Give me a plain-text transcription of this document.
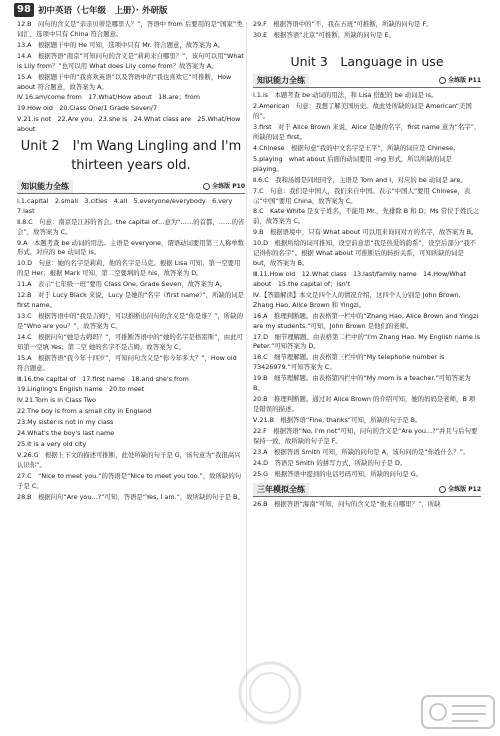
98 初中英语（七年级　上册）· 外研版
12.B　问句的含义是“亲亲贝蒂是哪里人？”，答语中 from 后要用的是“国家”类词汇，选项中只有 China 符合题意。
13.A　根据题干中的 He 可知，选项中只有 Mr. 符合题意，故答案为 A。
14.A　根据答语“南京”可知问句的含义是“莉莉来自哪里？”，该句可以用“What is Lily from？”也可以用 What does Lily come from？故答案为 A。
15.A　根据题干中的“我喜欢英语”以及答语中的“我也喜欢它”可推断，How about 符合题意，故答案为 A。
Ⅳ.16.am/come from　17.What/How about　18.are；from
19.How old　20.Class One/1 Grade Seven/7
Ⅴ.21.is not　22.Are you　23.she is　24.What class are　25.What/How about
Unit 2　I'm Wang Lingling and I'm thirteen years old.
知识能力全练	全练版 P10
Ⅰ.1.capital　2.small　3.cities　4.all　5.everyone/everybody　6.very　7.last
Ⅱ.8.C　句意：南京是江苏的省会。the capital of…意为“……的首都，……的省会”，故答案为 C。
9.A　本题考查 be 动词的用法。主语是 everyone，谓语动词要用第三人称单数形式，对应的 be 动词是 is。
10.D　句意：她的名字是莉莉，他的名字是马克。根据 Lisa 可知，第一空要用的是 Her；根据 Mark 可知，第二空要填的是 his，故答案为 D。
11.A　表示“七年级一班”要用 Class One, Grade Seven，故答案为 A。
12.B　对于 Lucy Black 来说，Lucy 是她的“名字（first name）”，所缺的词是 first name。
13.C　根据答语中的“我是吉姆”，可以推断出问句的含义是“你是谁？”，所缺的是“Who are you？”，故答案为 C。
14.C　根据问句“她是古姆吗？”，可推断答语中的“她的名字是格雷斯”，由此可知第一空填 Yes；第二空 她的名字不是吉姆，故答案为 C。
15.A　根据答语“我今年十四岁”，可知问句含义是“你今年多大？”，How old 符合题意。
Ⅲ.16.the capital of　17.first name　18.and she's from
19.Lingling's English name　20.to meet
Ⅳ.21.Tom is in Class Two
22.The boy is from a small city in England
23.My sister is not in my class
24.What's the boy's last name
25.It is a very old city
Ⅴ.26.G　根据上下文的描述可推断，此处所缺的句子是 G，该句意为“我很高兴认识你”。
27.C　“Nice to meet you.”的答语是“Nice to meet you too.”，故所缺的句子是 C。
28.B　根据问句“Are you…?”可知，答语是“Yes, I am.”，故所缺的句子是 B。
29.F　根据答语中的“不，我在五班”可推断，所缺的问句是 F。
30.E　根据答语“北京”可推断，所缺的问句是 E。
Unit 3　Language in use
知识能力全练	全练版 P11
Ⅰ.1.is　本题考查 be 动词的用法，和 Lisa 搭配的 be 动词是 is。
2.American　句意：我想了解美国历史。故此处所缺的词是 American“美国的”。
3.first　对于 Alice Brown 来说，Alice 是她的名字，first name 意为“名字”，所缺的词是 first。
4.Chinese　根据句意“我的中文名字是王平”，所缺的词应是 Chinese。
5.playing　what about 后面的动词要用 -ing 形式，所以所缺的词是 playing。
Ⅱ.6.C　我和汤姆是同班同学，主语是 Tom and I，对应的 be 动词是 are。
7.C　句意：我们是中国人，我们来自中国。表示“中国人”要用 Chinese，表示“中国”要用 China，故答案为 C。
8.C　Kate White 是女子姓名，不能用 Mr.，先排除 B 和 D；Ms 常位于姓氏之前，故答案为 C。
9.B　根据语境中，只有 What about 可以用来询问对方的名字，故答案为 B。
10.D　根据所给的词可推知，设空前意思“我是热爱的韵系”，设空后部分“我不记得你的名字”。根据 What about 可推断后的转折关系，可知所缺的词是 but，故答案为 B。
Ⅲ.11.How old　12.What class　13.last/family name　14.How/What about　15.the capital of；isn't
Ⅳ.【答篇解读】本文是四个人的情况介绍，这四个人分别是 John Brown, Zhang Hao, Alice Brown 和 Yingzi。
16.A　推理判断题。由表格第一栏中的“Zhang Hao, Alice Brown and Yingzi are my students.”可知，John Brown 是他们的老师。
17.D　细节理解题。由表格第二栏中的“I'm Zhang Hao. My English name is Peter.”可知答案为 D。
18.C　细节理解题。由表格第三栏中的“My telephone number is 73426979.”可知答案为 C。
19.B　细节理解题。由表格第四栏中的“My mom is a teacher.”可知答案为 B。
20.B　推理判断题。通过对 Alice Brown 的介绍可知，她的妈妈是老师，B 项是错误的描述。
Ⅴ.21.B　根据答语“Fine, thanks”可知，所缺的句子是 B。
22.F　根据答语“No, I'm not”可知，问句的含义是“Are you…?”并且与后句要保持一致，故所缺的句子是 F。
23.A　根据答语 Smith 可知，所缺的问句是 A，该句问的是“你姓什么？”。
24.D　答语是 Smith 的拼写方式，所缺的句子是 D。
25.G　根据答语中提到的电话号码可知，所缺的问句是 G。
三年模拟全练	全练版 P12
26.B　根据答语“海南”可知，问句的含义是“他来自哪里？”，所缺
